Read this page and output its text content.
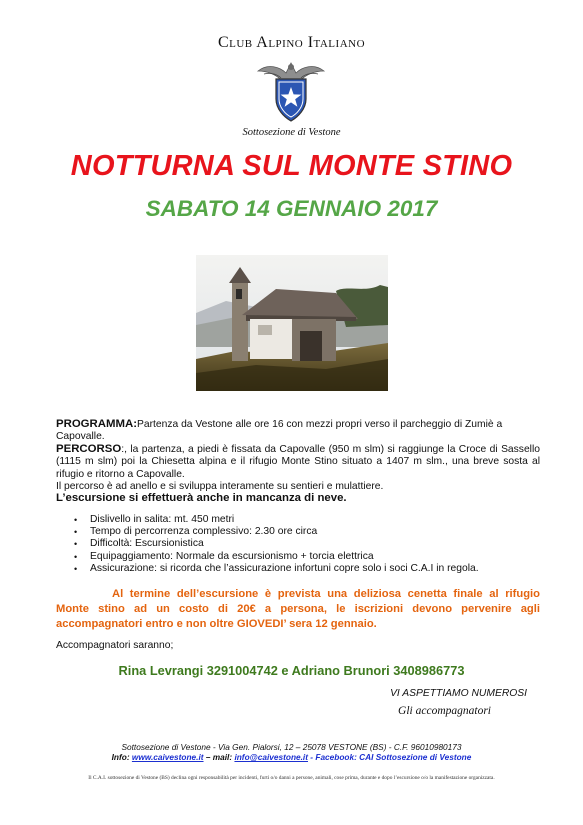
Club Alpino Italiano
Sottosezione di Vestone
NOTTURNA SUL MONTE STINO
SABATO 14 GENNAIO 2017
PROGRAMMA:Partenza da Vestone alle ore 16 con mezzi propri verso il parcheggio di Zumiè a Capovalle.
PERCORSO:, la partenza, a piedi è fissata da Capovalle (950 m slm) si raggiunge la Croce di Sassello (1115 m slm) poi la Chiesetta alpina e il rifugio Monte Stino situato a 1407 m slm., una breve sosta al rifugio e ritorno a Capovalle.
Il percorso è ad anello e si sviluppa interamente su sentieri e mulattiere.
L’escursione si effettuerà anche in mancanza di neve.
• Dislivello in salita: mt. 450 metri
• Tempo di percorrenza complessivo: 2.30 ore circa
• Difficoltà: Escursionistica
• Equipaggiamento: Normale da escursionismo + torcia elettrica
• Assicurazione: si ricorda che l’assicurazione infortuni copre solo i soci C.A.I in regola.
Al termine dell’escursione è prevista una deliziosa cenetta finale al rifugio Monte stino ad un costo di 20€ a persona, le iscrizioni devono pervenire agli accompagnatori entro e non oltre GIOVEDI’ sera 12 gennaio.
Accompagnatori saranno;
Rina Levrangi 3291004742 e Adriano Brunori 3408986773
VI ASPETTIAMO NUMEROSI
Gli accompagnatori
Sottosezione di Vestone - Via Gen. Pialorsi, 12 – 25078 VESTONE (BS) - C.F. 96010980173
Info: www.caivestone.it – mail: info@caivestone.it - Facebook: CAI Sottosezione di Vestone
Il C.A.I. sottosezione di Vestone (BS) declina ogni responsabilità per incidenti, furti o/o danni a persone, animali, cose prima, durante e dopo l’escursione o/o la manifestazione organizzata.
